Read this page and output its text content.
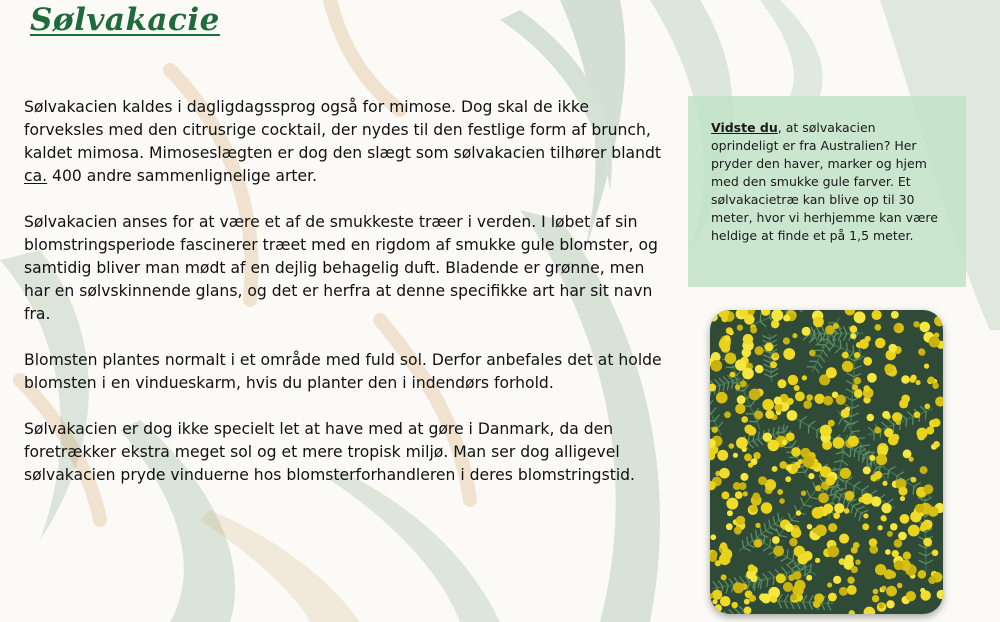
Sølvakacie

Sølvakacien kaldes i dagligdagssprog også for mimose. Dog skal de ikke forveksles med den citrusrige cocktail, der nydes til den festlige form af brunch, kaldet mimosa. Mimoseslægten er dog den slægt som sølvakacien tilhører blandt ca. 400 andre sammenlignelige arter.

Sølvakacien anses for at være et af de smukkeste træer i verden. I løbet af sin blomstringsperiode fascinerer træet med en rigdom af smukke gule blomster, og samtidig bliver man mødt af en dejlig behagelig duft. Bladende er grønne, men har en sølvskinnende glans, og det er herfra at denne specifikke art har sit navn fra.

Blomsten plantes normalt i et område med fuld sol. Derfor anbefales det at holde blomsten i en vindueskarm, hvis du planter den i indendørs forhold.

Sølvakacien er dog ikke specielt let at have med at gøre i Danmark, da den foretrækker ekstra meget sol og et mere tropisk miljø. Man ser dog alligevel sølvakacien pryde vinduerne hos blomsterforhandleren i deres blomstringstid.

Vidste du, at sølvakacien oprindeligt er fra Australien? Her pryder den haver, marker og hjem med den smukke gule farver. Et sølvakacietræ kan blive op til 30 meter, hvor vi herhjemme kan være heldige at finde et på 1,5 meter.
